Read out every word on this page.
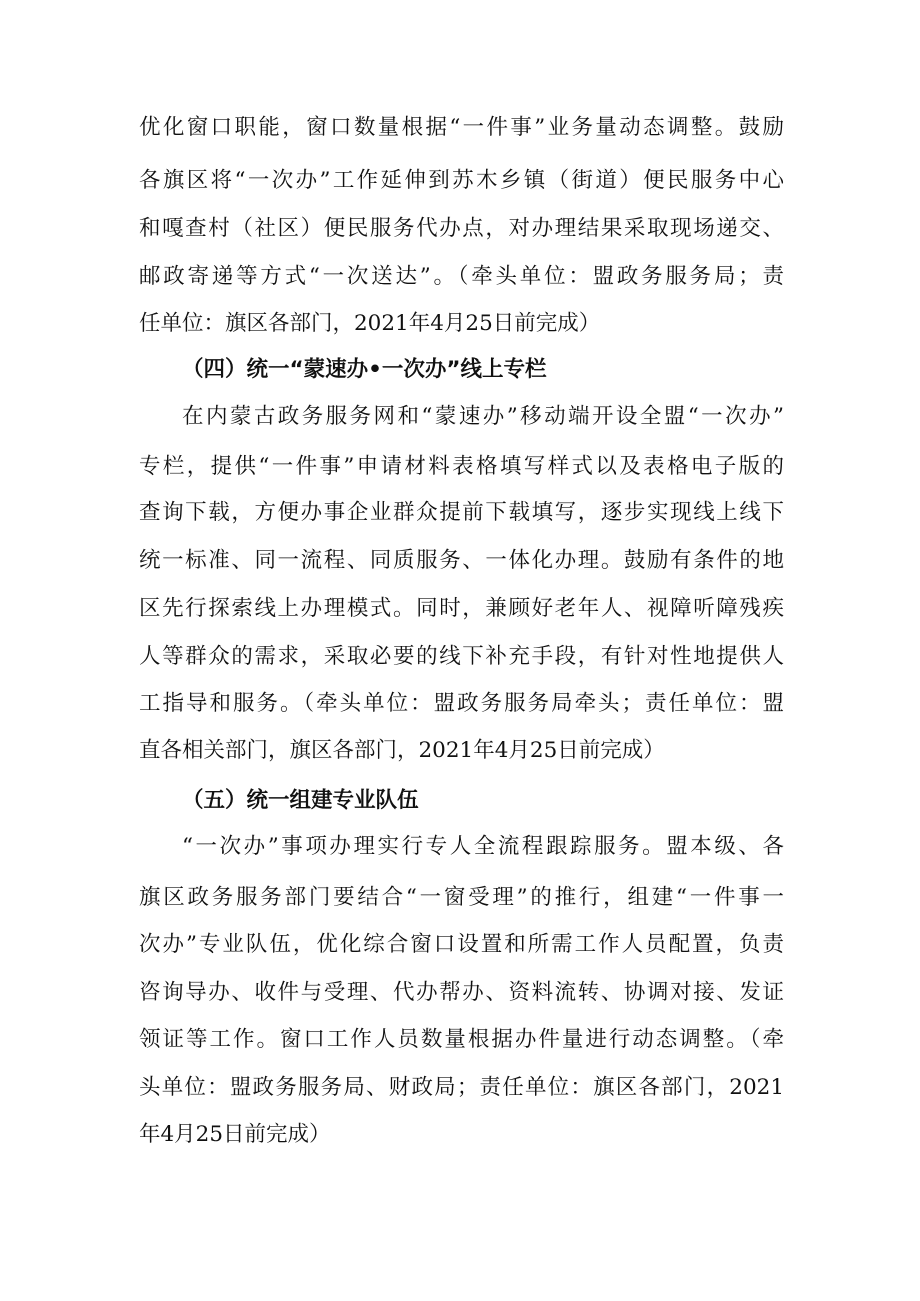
优化窗口职能，窗口数量根据“一件事”业务量动态调整。鼓励
各旗区将“一次办”工作延伸到苏木乡镇（街道）便民服务中心
和嘎查村（社区）便民服务代办点，对办理结果采取现场递交、
邮政寄递等方式“一次送达”。（牵头单位：盟政务服务局；责
任单位：旗区各部门，2021年4月25日前完成）
（四）统一“蒙速办•一次办”线上专栏
在内蒙古政务服务网和“蒙速办”移动端开设全盟“一次办”
专栏，提供“一件事”申请材料表格填写样式以及表格电子版的
查询下载，方便办事企业群众提前下载填写，逐步实现线上线下
统一标准、同一流程、同质服务、一体化办理。鼓励有条件的地
区先行探索线上办理模式。同时，兼顾好老年人、视障听障残疾
人等群众的需求，采取必要的线下补充手段，有针对性地提供人
工指导和服务。（牵头单位：盟政务服务局牵头；责任单位：盟
直各相关部门，旗区各部门，2021年4月25日前完成）
（五）统一组建专业队伍
“一次办”事项办理实行专人全流程跟踪服务。盟本级、各
旗区政务服务部门要结合“一窗受理”的推行，组建“一件事一
次办”专业队伍，优化综合窗口设置和所需工作人员配置，负责
咨询导办、收件与受理、代办帮办、资料流转、协调对接、发证
领证等工作。窗口工作人员数量根据办件量进行动态调整。（牵
头单位：盟政务服务局、财政局；责任单位：旗区各部门，2021
年4月25日前完成）
